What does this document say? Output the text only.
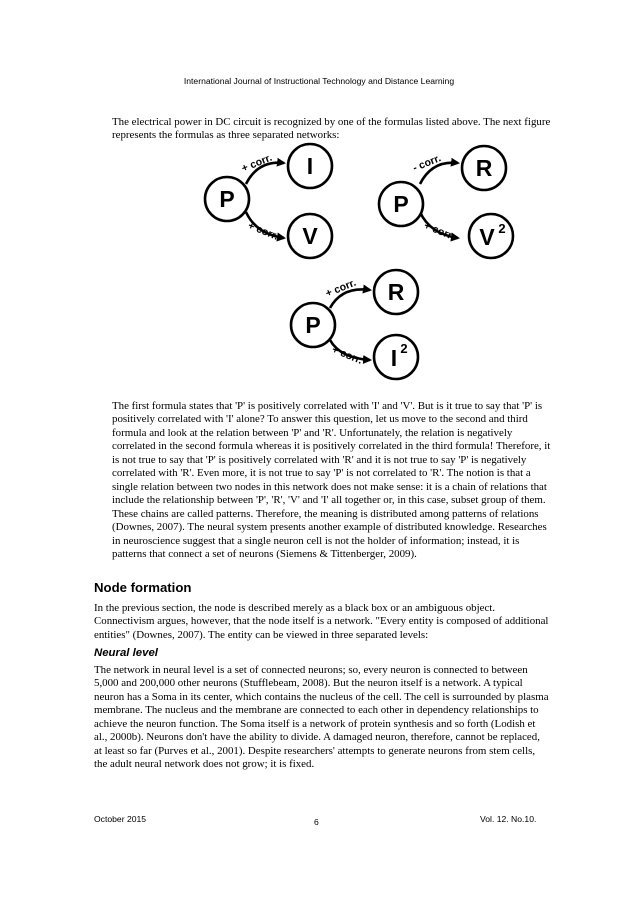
International Journal of Instructional Technology and Distance Learning

The electrical power in DC circuit is recognized by one of the formulas listed above. The next figure represents the formulas as three separated networks:

P
I
V
+ corr.
+ corr.
P
R
V 2
- corr.
+ corr.
P
R
I 2
+ corr.
+ corr.

The first formula states that 'P' is positively correlated with 'I' and 'V'. But is it true to say that 'P' is positively correlated with 'I' alone? To answer this question, let us move to the second and third formula and look at the relation between 'P' and 'R'. Unfortunately, the relation is negatively correlated in the second formula whereas it is positively correlated in the third formula! Therefore, it is not true to say that 'P' is positively correlated with 'R' and it is not true to say 'P' is negatively correlated with 'R'. Even more, it is not true to say 'P' is not correlated to 'R'. The notion is that a single relation between two nodes in this network does not make sense: it is a chain of relations that include the relationship between 'P', 'R', 'V' and 'I' all together or, in this case, subset group of them. These chains are called patterns. Therefore, the meaning is distributed among patterns of relations (Downes, 2007). The neural system presents another example of distributed knowledge. Researches in neuroscience suggest that a single neuron cell is not the holder of information; instead, it is patterns that connect a set of neurons (Siemens & Tittenberger, 2009).

Node formation

In the previous section, the node is described merely as a black box or an ambiguous object. Connectivism argues, however, that the node itself is a network. "Every entity is composed of additional entities" (Downes, 2007). The entity can be viewed in three separated levels:

Neural level

The network in neural level is a set of connected neurons; so, every neuron is connected to between 5,000 and 200,000 other neurons (Stufflebeam, 2008). But the neuron itself is a network. A typical neuron has a Soma in its center, which contains the nucleus of the cell. The cell is surrounded by plasma membrane. The nucleus and the membrane are connected to each other in dependency relationships to achieve the neuron function. The Soma itself is a network of protein synthesis and so forth (Lodish et al., 2000b). Neurons don't have the ability to divide. A damaged neuron, therefore, cannot be replaced, at least so far (Purves et al., 2001). Despite researchers' attempts to generate neurons from stem cells, the adult neural network does not grow; it is fixed.

October 2015	6	Vol. 12. No.10.
